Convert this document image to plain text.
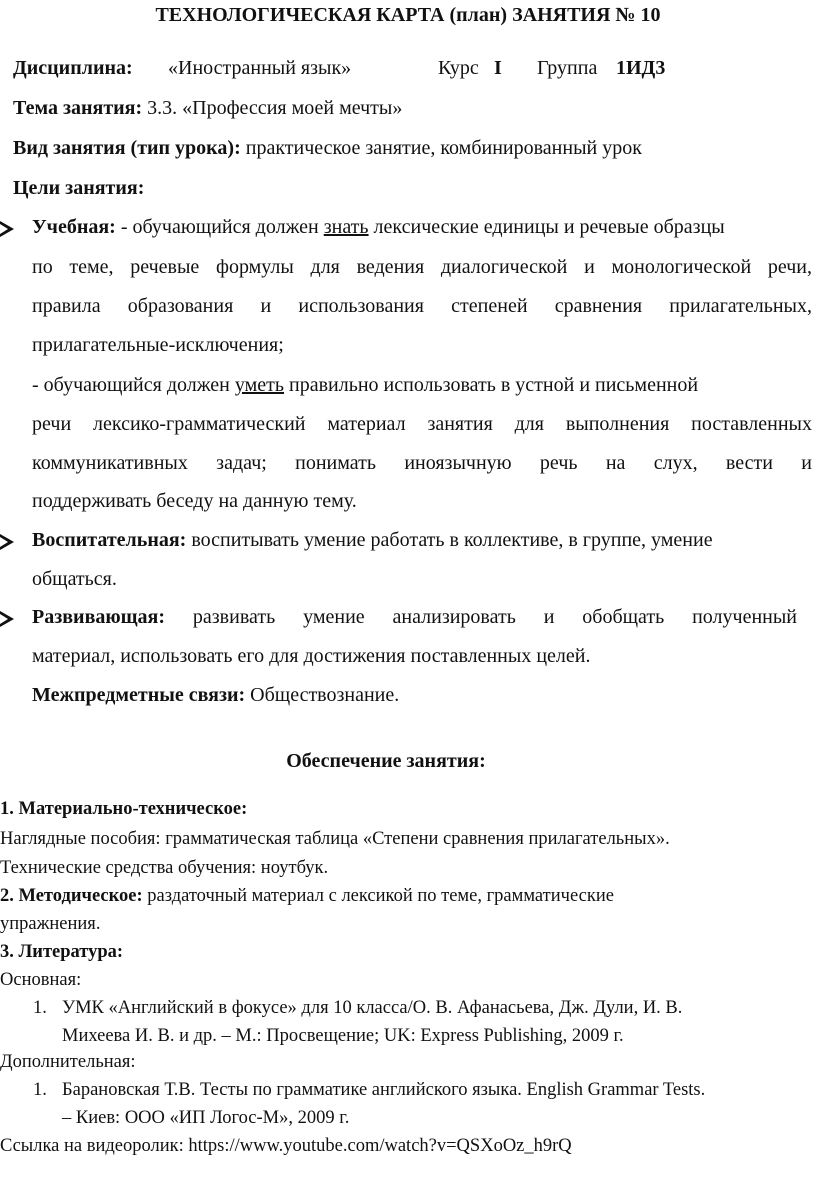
ТЕХНОЛОГИЧЕСКАЯ КАРТА (план) ЗАНЯТИЯ № 10
Дисциплина: «Иностранный язык»	Курс I Группа 1ИД3
Тема занятия: 3.3. «Профессия моей мечты»
Вид занятия (тип урока): практическое занятие, комбинированный урок
Цели занятия:
Учебная: - обучающийся должен знать лексические единицы и речевые образцы
по теме, речевые формулы для ведения диалогической и монологической речи,
правила образования и использования степеней сравнения прилагательных,
прилагательные-исключения;
- обучающийся должен уметь правильно использовать в устной и письменной
речи лексико-грамматический материал занятия для выполнения поставленных
коммуникативных задач; понимать иноязычную речь на слух, вести и
поддерживать беседу на данную тему.
Воспитательная: воспитывать умение работать в коллективе, в группе, умение
общаться.
Развивающая: развивать умение анализировать и обобщать полученный
материал, использовать его для достижения поставленных целей.
Межпредметные связи: Обществознание.
Обеспечение занятия:
1. Материально-техническое:
Наглядные пособия: грамматическая таблица «Степени сравнения прилагательных».
Технические средства обучения: ноутбук.
2. Методическое: раздаточный материал с лексикой по теме, грамматические
упражнения.
3. Литература:
Основная:
1. УМК «Английский в фокусе» для 10 класса/О. В. Афанасьева, Дж. Дули, И. В.
Михеева И. В. и др. – М.: Просвещение; UK: Express Publishing, 2009 г.
Дополнительная:
1. Барановская Т.В. Тесты по грамматике английского языка. English Grammar Tests.
– Киев: ООО «ИП Логос-М», 2009 г.
Ссылка на видеоролик: https://www.youtube.com/watch?v=QSXoOz_h9rQ
